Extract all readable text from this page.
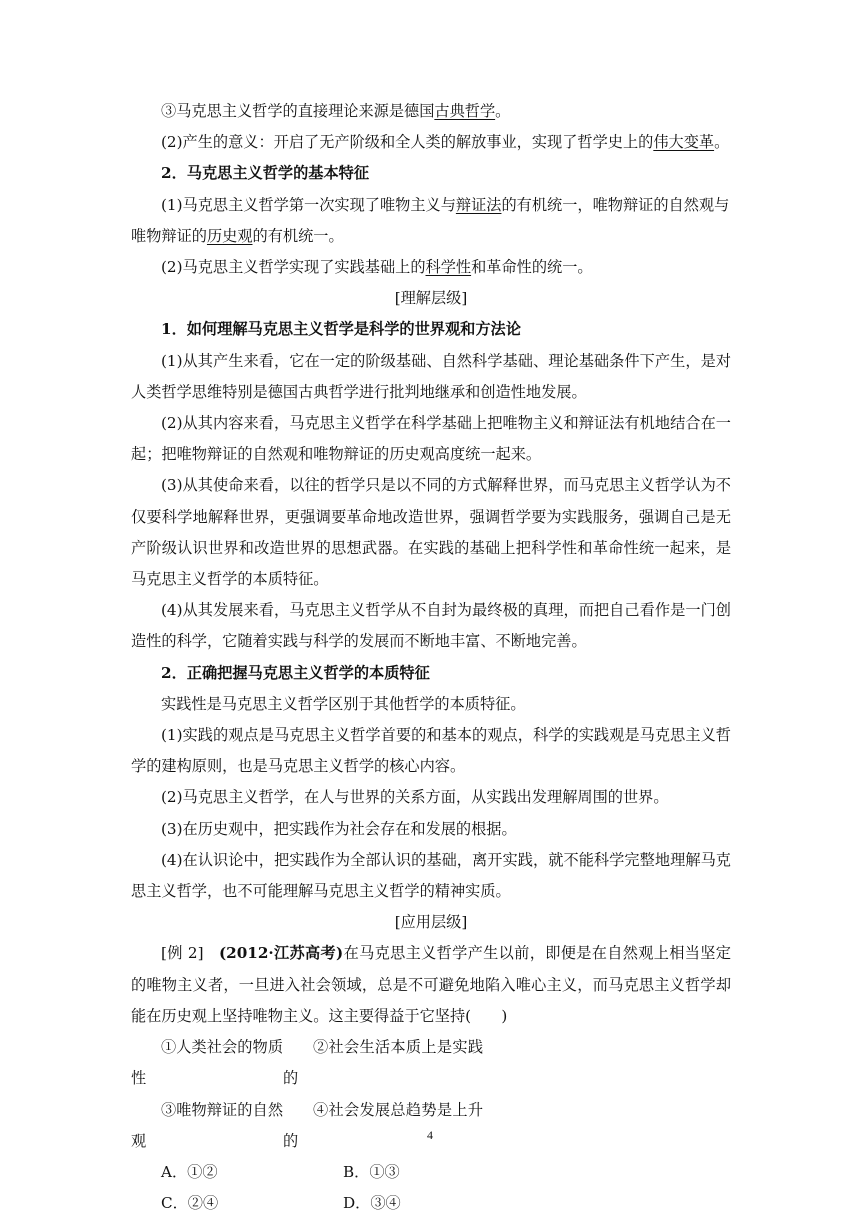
③马克思主义哲学的直接理论来源是德国古典哲学。

(2)产生的意义：开启了无产阶级和全人类的解放事业，实现了哲学史上的伟大变革。

2．马克思主义哲学的基本特征

(1)马克思主义哲学第一次实现了唯物主义与辩证法的有机统一，唯物辩证的自然观与
唯物辩证的历史观的有机统一。

(2)马克思主义哲学实现了实践基础上的科学性和革命性的统一。

[理解层级]

1．如何理解马克思主义哲学是科学的世界观和方法论

(1)从其产生来看，它在一定的阶级基础、自然科学基础、理论基础条件下产生，是对人类哲学思维特别是德国古典哲学进行批判地继承和创造性地发展。

(2)从其内容来看，马克思主义哲学在科学基础上把唯物主义和辩证法有机地结合在一起；把唯物辩证的自然观和唯物辩证的历史观高度统一起来。

(3)从其使命来看，以往的哲学只是以不同的方式解释世界，而马克思主义哲学认为不仅要科学地解释世界，更强调要革命地改造世界，强调哲学要为实践服务，强调自己是无产阶级认识世界和改造世界的思想武器。在实践的基础上把科学性和革命性统一起来，是马克思主义哲学的本质特征。

(4)从其发展来看，马克思主义哲学从不自封为最终极的真理，而把自己看作是一门创造性的科学，它随着实践与科学的发展而不断地丰富、不断地完善。

2．正确把握马克思主义哲学的本质特征

实践性是马克思主义哲学区别于其他哲学的本质特征。

(1)实践的观点是马克思主义哲学首要的和基本的观点，科学的实践观是马克思主义哲学的建构原则，也是马克思主义哲学的核心内容。

(2)马克思主义哲学，在人与世界的关系方面，从实践出发理解周围的世界。

(3)在历史观中，把实践作为社会存在和发展的根据。

(4)在认识论中，把实践作为全部认识的基础，离开实践，就不能科学完整地理解马克思主义哲学，也不可能理解马克思主义哲学的精神实质。

[应用层级]

[例 2] (2012·江苏高考)在马克思主义哲学产生以前，即便是在自然观上相当坚定的唯物主义者，一旦进入社会领域，总是不可避免地陷入唯心主义，而马克思主义哲学却能在历史观上坚持唯物主义。这主要得益于它坚持(　　)

①人类社会的物质性
②社会生活本质上是实践的
③唯物辩证的自然观
④社会发展总趋势是上升的
A．①②	B．①③
C．②④	D．③④
4
